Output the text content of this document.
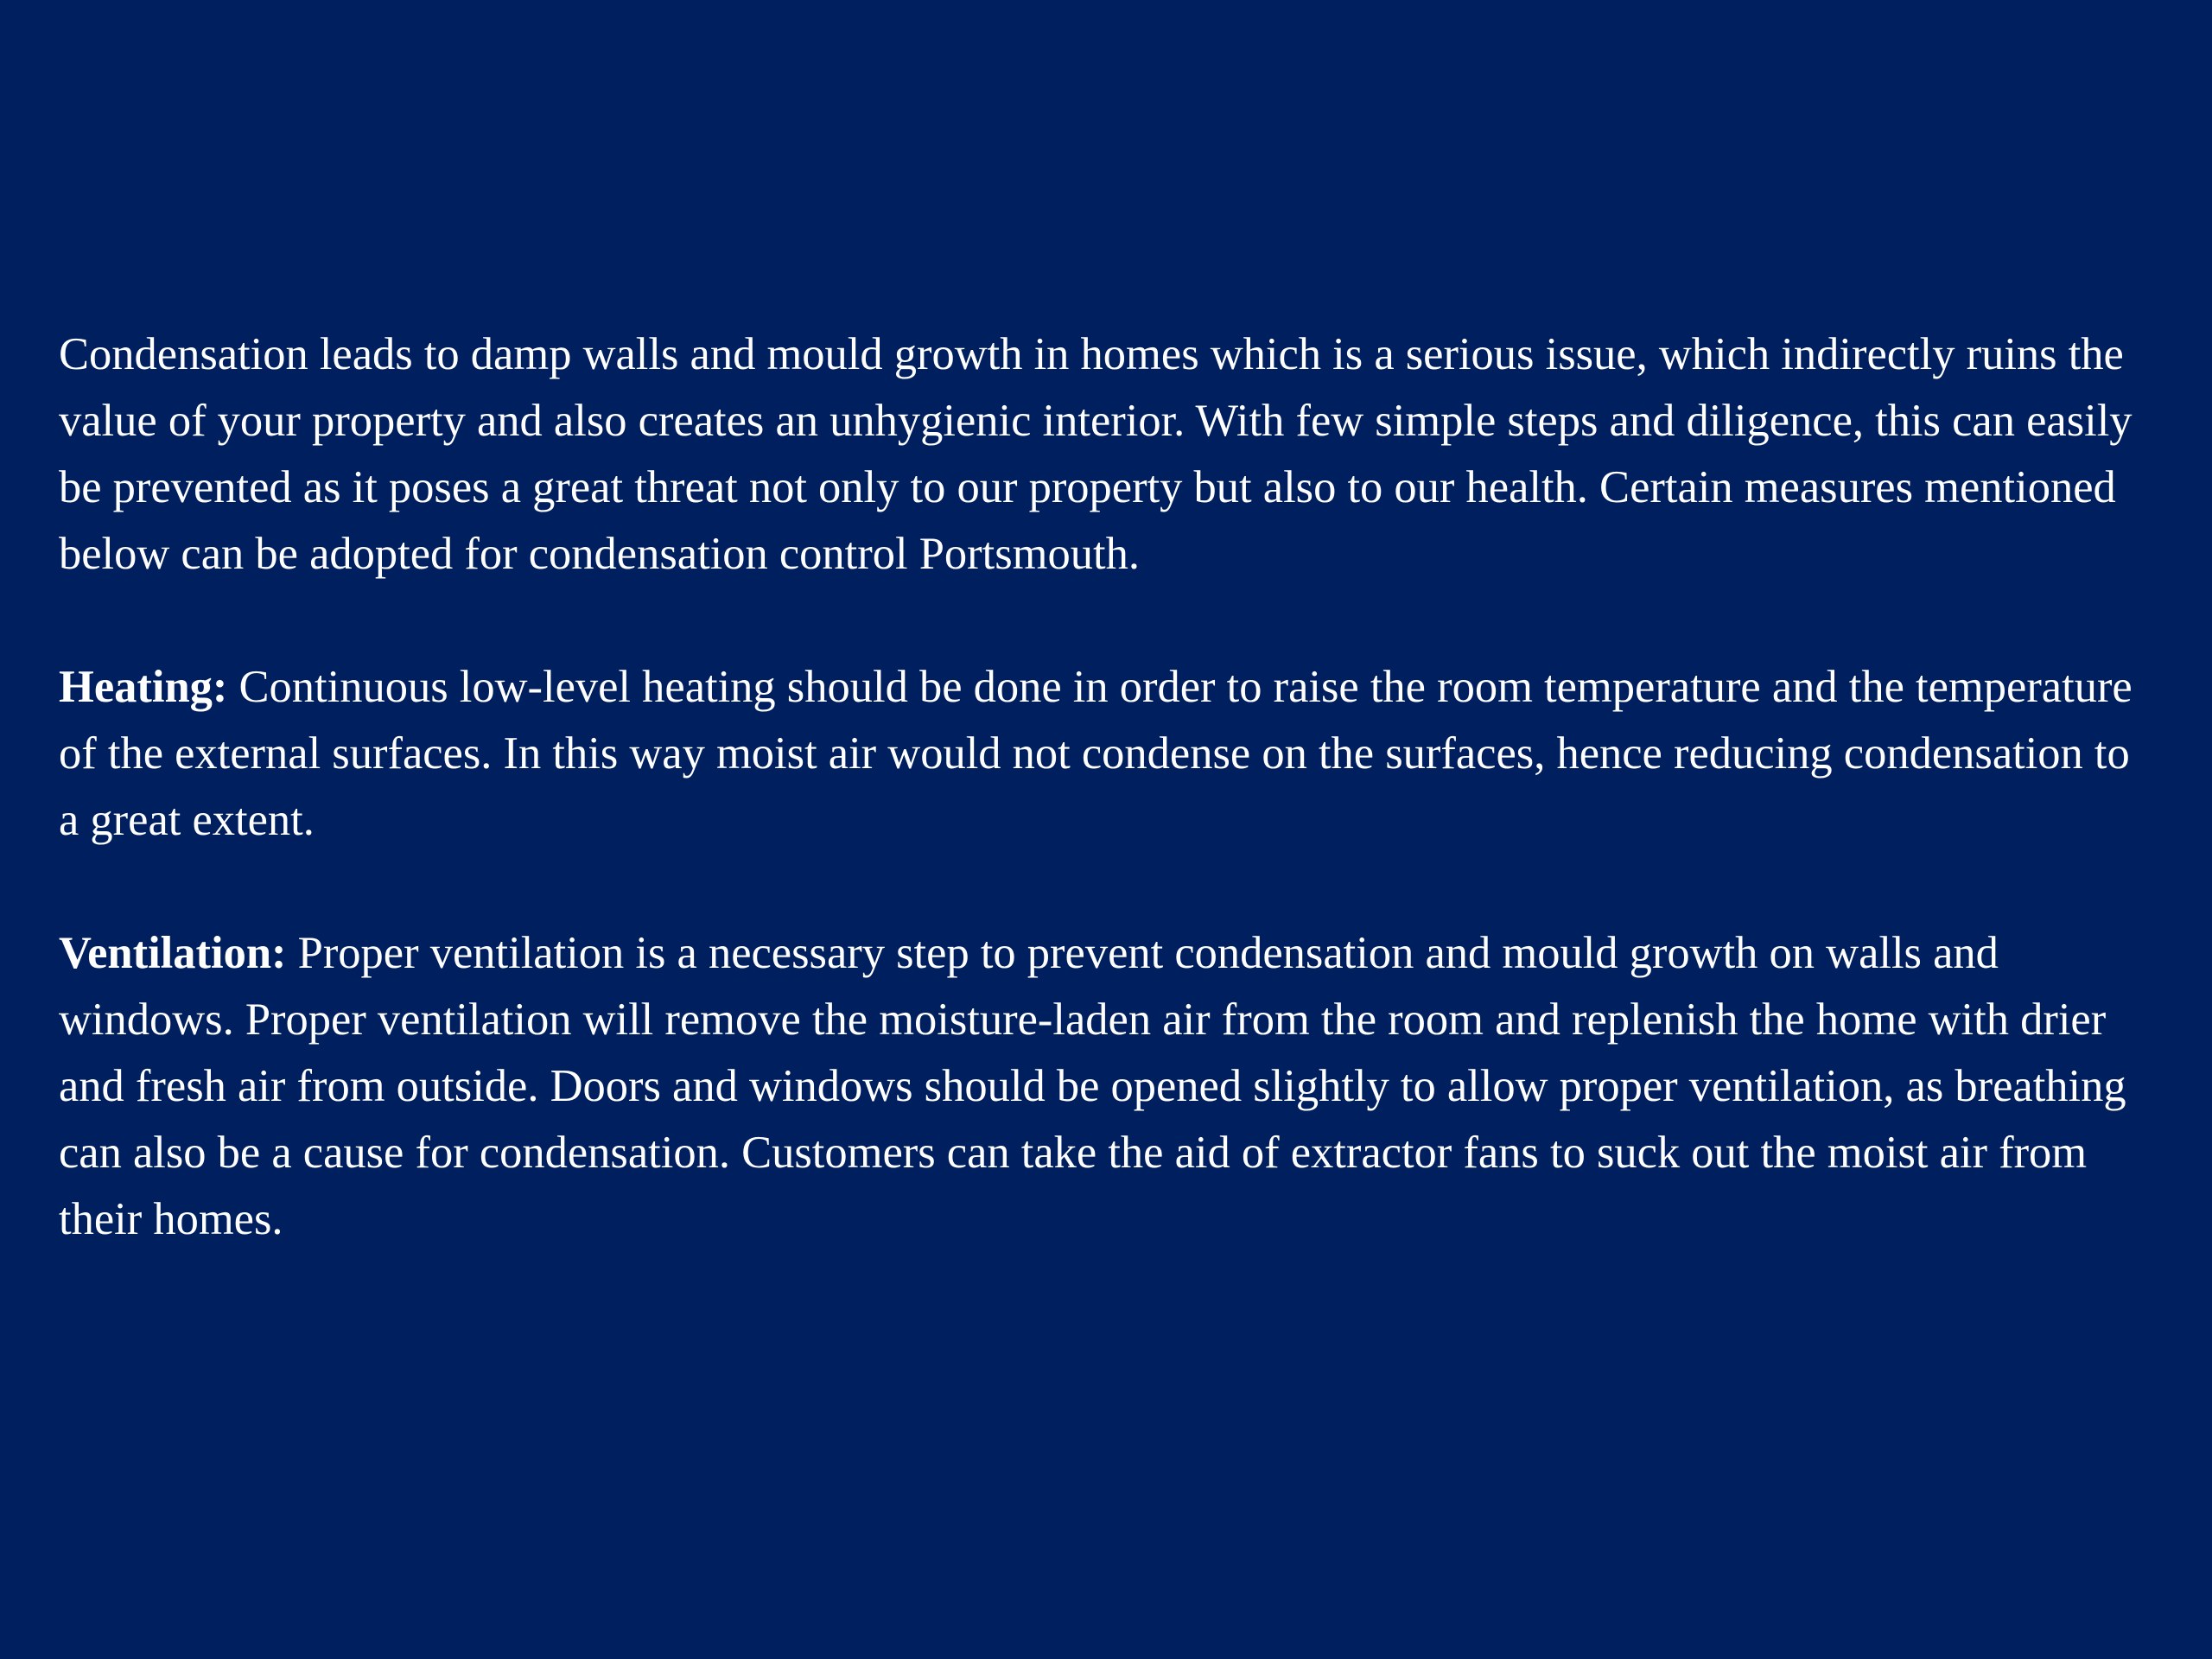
Condensation leads to damp walls and mould growth in homes which is a serious issue, which indirectly ruins the value of your property and also creates an unhygienic interior. With few simple steps and diligence, this can easily be prevented as it poses a great threat not only to our property but also to our health. Certain measures mentioned below can be adopted for condensation control Portsmouth.

Heating: Continuous low-level heating should be done in order to raise the room temperature and the temperature of the external surfaces. In this way moist air would not condense on the surfaces, hence reducing condensation to a great extent.

Ventilation: Proper ventilation is a necessary step to prevent condensation and mould growth on walls and windows. Proper ventilation will remove the moisture-laden air from the room and replenish the home with drier and fresh air from outside. Doors and windows should be opened slightly to allow proper ventilation, as breathing can also be a cause for condensation. Customers can take the aid of extractor fans to suck out the moist air from their homes.
